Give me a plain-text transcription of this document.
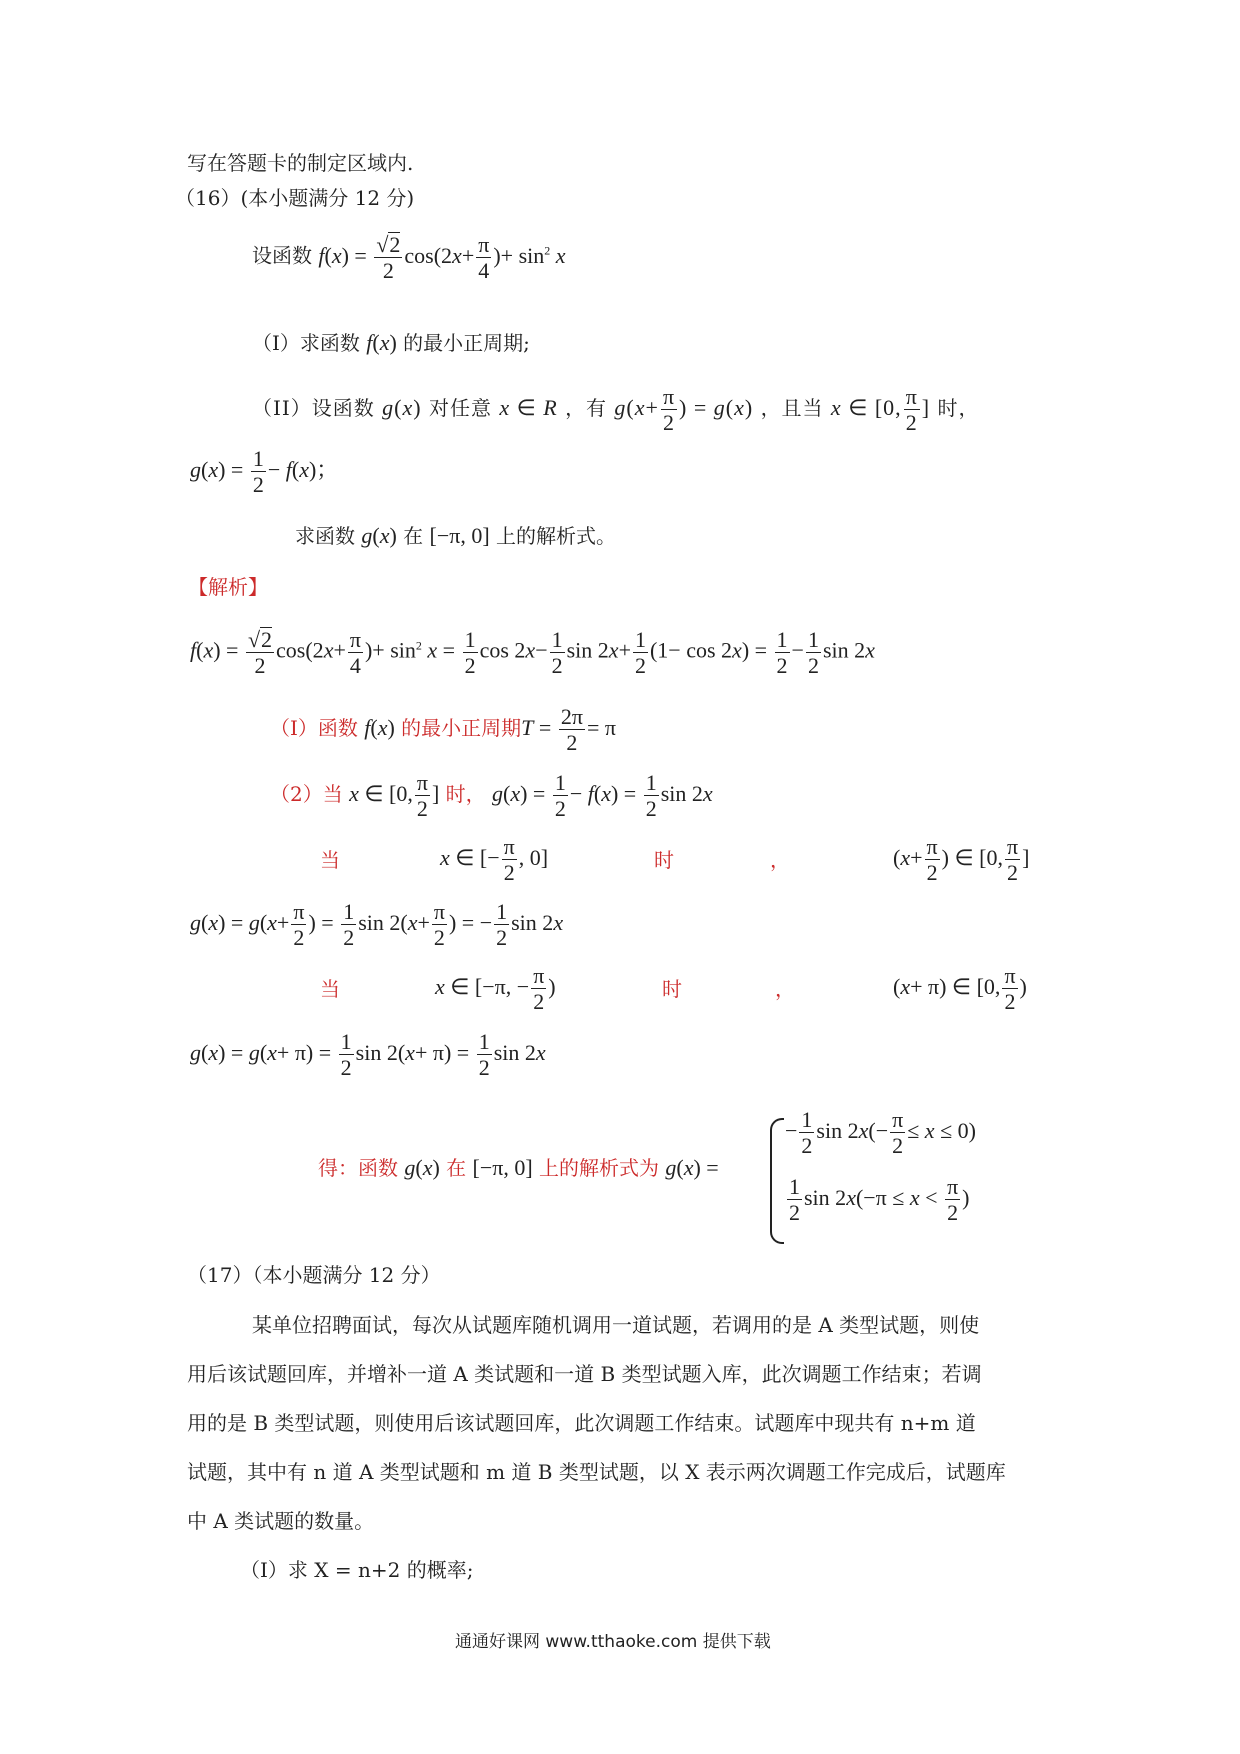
写在答题卡的制定区域内.
（16）(本小题满分 12 分)
设函数 $f(x) = \frac{√2}{2} \cos(2x+ \frac{\pi}{4}$ )+ $\sin^2 x$
（I）求函数 f(x) 的最小正周期;
（II）设函数 g(x) 对任意 x ∈ R ，有 $g(x+ \frac{\pi}{2}$ ) = g(x) ，且当 x ∈ [0, $\frac{\pi}{2}$ ] 时，
$g(x) = \frac{1}{2} - f(x)$；
求函数 g(x) 在 [−π, 0] 上的解析式。
【解析】
$f(x) = \frac{√2}{2} \cos(2x+ \frac{\pi}{4}$ )+ $\sin^2 x = \frac{1}{2}$ $\cos 2x- \frac{1}{2}$ $\sin 2x+ \frac{1}{2} (1- \cos 2x) = \frac{1}{2} - \frac{1}{2}$ sin 2x
（I）函数 f(x) 的最小正周期$T = \frac{2\pi}{2} = \pi$
（2）当 x ∈ [0, $\frac{\pi}{2}$ ] 时， $g(x) = \frac{1}{2} - f(x) = \frac{1}{2}$ sin 2x
当	x ∈ [− $\frac{\pi}{2}$ , 0]	时	，	($x+ \frac{\pi}{2}$ ) ∈ [0, $\frac{\pi}{2}$ ]
$g(x) = g(x+ \frac{\pi}{2}$ ) = $\frac{1}{2}$ $\sin 2(x+ \frac{\pi}{2}$ ) = − $\frac{1}{2}$ sin 2x
当	x ∈ [−π, − $\frac{\pi}{2}$ )	时	，	(x+ π) ∈ [0, $\frac{\pi}{2}$ )
$g(x) = g(x+ \pi) = \frac{1}{2}$ $\sin 2(x+ \pi) = \frac{1}{2}$ sin 2x
得：函数 g(x) 在 [−π, 0] 上的解析式为 g(x) =
− $\frac{1}{2}$ $\sin 2x(- \frac{\pi}{2} \le x \le 0)$
$\frac{1}{2}$ $\sin 2x(-\pi \le x < \frac{\pi}{2}$ )
（17）（本小题满分 12 分）
某单位招聘面试，每次从试题库随机调用一道试题，若调用的是 A 类型试题，则使
用后该试题回库，并增补一道 A 类试题和一道 B 类型试题入库，此次调题工作结束；若调
用的是 B 类型试题，则使用后该试题回库，此次调题工作结束。试题库中现共有 n+m 道
试题，其中有 n 道 A 类型试题和 m 道 B 类型试题，以 X 表示两次调题工作完成后，试题库
中 A 类试题的数量。
（I）求 X = n+2 的概率;
通通好课网 www.tthaoke.com 提供下载
